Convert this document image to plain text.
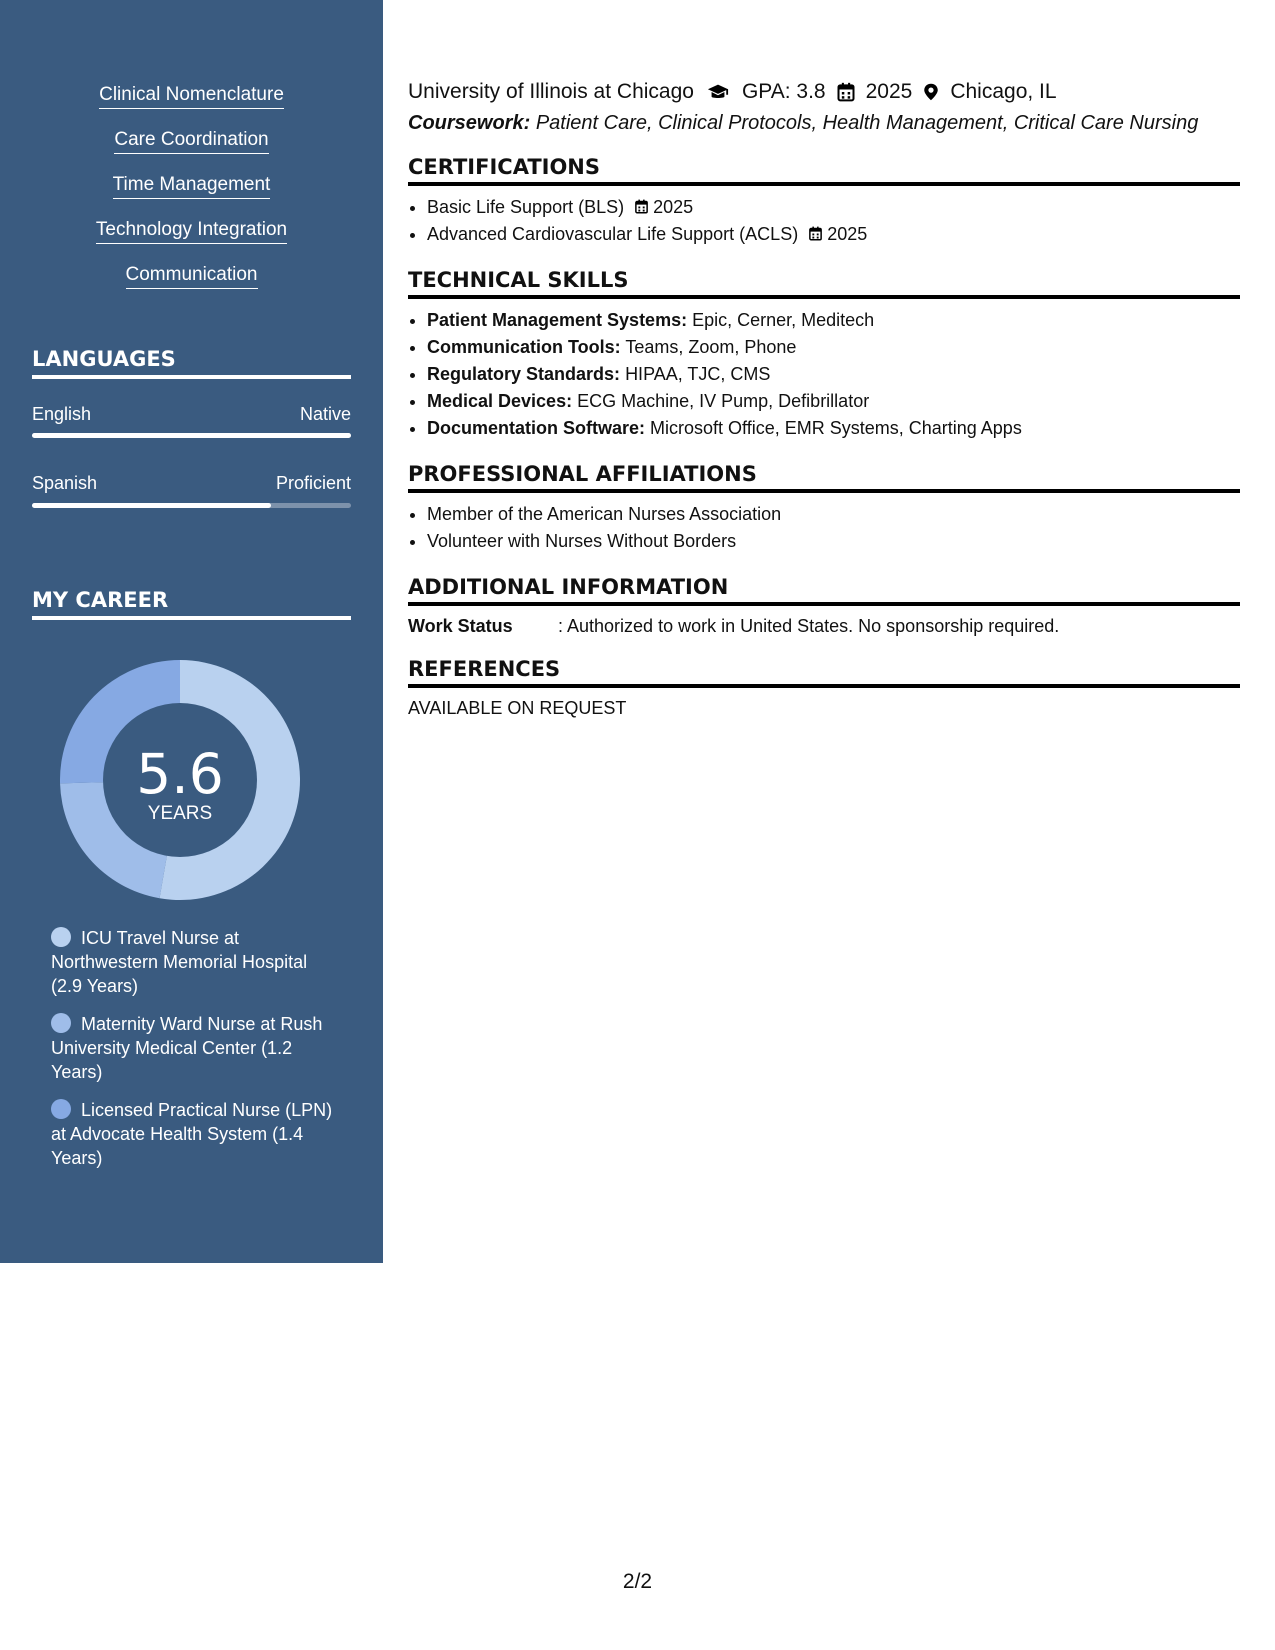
Clinical Nomenclature
Care Coordination
Time Management
Technology Integration
Communication
LANGUAGES
English	Native
Spanish	Proficient
MY CAREER
5.6
YEARS
ICU Travel Nurse at Northwestern Memorial Hospital (2.9 Years)
Maternity Ward Nurse at Rush University Medical Center (1.2 Years)
Licensed Practical Nurse (LPN) at Advocate Health System (1.4 Years)
University of Illinois at Chicago GPA: 3.8 2025 Chicago, IL
Coursework: Patient Care, Clinical Protocols, Health Management, Critical Care Nursing
CERTIFICATIONS
• Basic Life Support (BLS) 2025
• Advanced Cardiovascular Life Support (ACLS) 2025
TECHNICAL SKILLS
• Patient Management Systems: Epic, Cerner, Meditech
• Communication Tools: Teams, Zoom, Phone
• Regulatory Standards: HIPAA, TJC, CMS
• Medical Devices: ECG Machine, IV Pump, Defibrillator
• Documentation Software: Microsoft Office, EMR Systems, Charting Apps
PROFESSIONAL AFFILIATIONS
• Member of the American Nurses Association
• Volunteer with Nurses Without Borders
ADDITIONAL INFORMATION
Work Status	: Authorized to work in United States. No sponsorship required.
REFERENCES
AVAILABLE ON REQUEST
2/2
